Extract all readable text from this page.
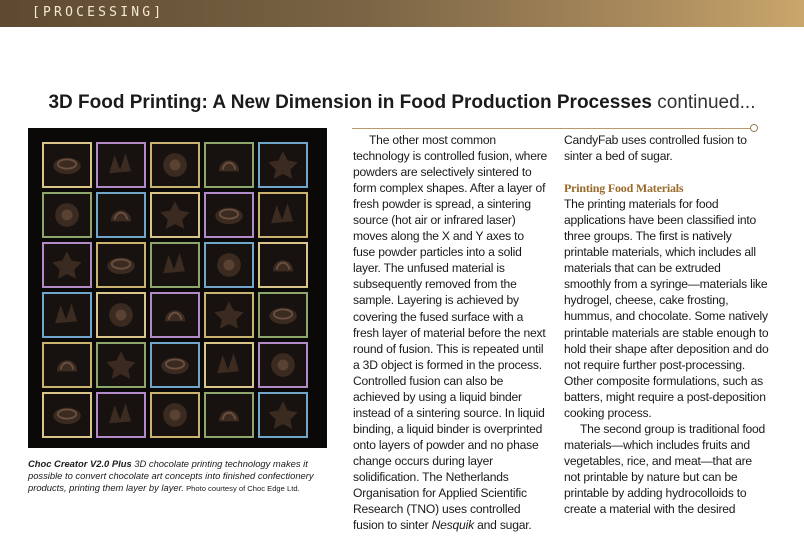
[PROCESSING]
3D Food Printing: A New Dimension in Food Production Processes continued...
Choc Creator V2.0 Plus 3D chocolate printing technology makes it possible to convert chocolate art concepts into finished confectionery products, printing them layer by layer. Photo courtesy of Choc Edge Ltd.

The other most common technology is controlled fusion, where powders are selectively sintered to form complex shapes. After a layer of fresh powder is spread, a sintering source (hot air or infrared laser) moves along the X and Y axes to fuse powder particles into a solid layer. The unfused material is subsequently removed from the sample. Layering is achieved by covering the fused surface with a fresh layer of material before the next round of fusion. This is repeated until a 3D object is formed in the process. Controlled fusion can also be achieved by using a liquid binder instead of a sintering source. In liquid binding, a liquid binder is overprinted onto layers of powder and no phase change occurs during layer solidification. The Netherlands Organisation for Applied Scientific Research (TNO) uses controlled fusion to sinter Nesquik and sugar.

CandyFab uses controlled fusion to sinter a bed of sugar.

Printing Food Materials

The printing materials for food applications have been classified into three groups. The first is natively printable materials, which includes all materials that can be extruded smoothly from a syringe—materials like hydrogel, cheese, cake frosting, hummus, and chocolate. Some natively printable materials are stable enough to hold their shape after deposition and do not require further post-processing. Other composite formulations, such as batters, might require a post-deposition cooking process.

The second group is traditional food materials—which includes fruits and vegetables, rice, and meat—that are not printable by nature but can be printable by adding hydrocolloids to create a material with the desired
